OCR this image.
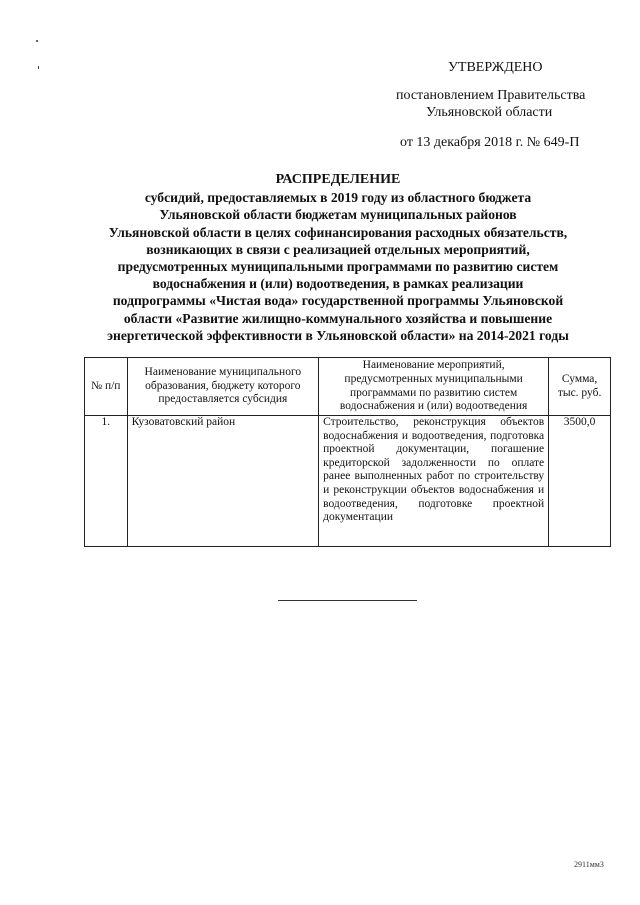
УТВЕРЖДЕНО
постановлением Правительства
Ульяновской области
от 13 декабря 2018 г. № 649-П
РАСПРЕДЕЛЕНИЕ
субсидий, предоставляемых в 2019 году из областного бюджета
Ульяновской области бюджетам муниципальных районов
Ульяновской области в целях софинансирования расходных обязательств,
возникающих в связи с реализацией отдельных мероприятий,
предусмотренных муниципальными программами по развитию систем
водоснабжения и (или) водоотведения, в рамках реализации
подпрограммы «Чистая вода» государственной программы Ульяновской
области «Развитие жилищно-коммунального хозяйства и повышение
энергетической эффективности в Ульяновской области» на 2014-2021 годы
№ п/п	Наименование муниципального образования, бюджету которого предоставляется субсидия	Наименование мероприятий, предусмотренных муниципальными программами по развитию систем водоснабжения и (или) водоотведения	Сумма, тыс. руб.
1.	Кузоватовский район	Строительство, реконструкция объектов водоснабжения и водоотведения, подготовка проектной документации, погашение кредиторской задолженности по оплате ранее выполненных работ по строительству и реконструкции объектов водоснабжения и водоотведения, подготовке проектной документации	3500,0
2911мм3
